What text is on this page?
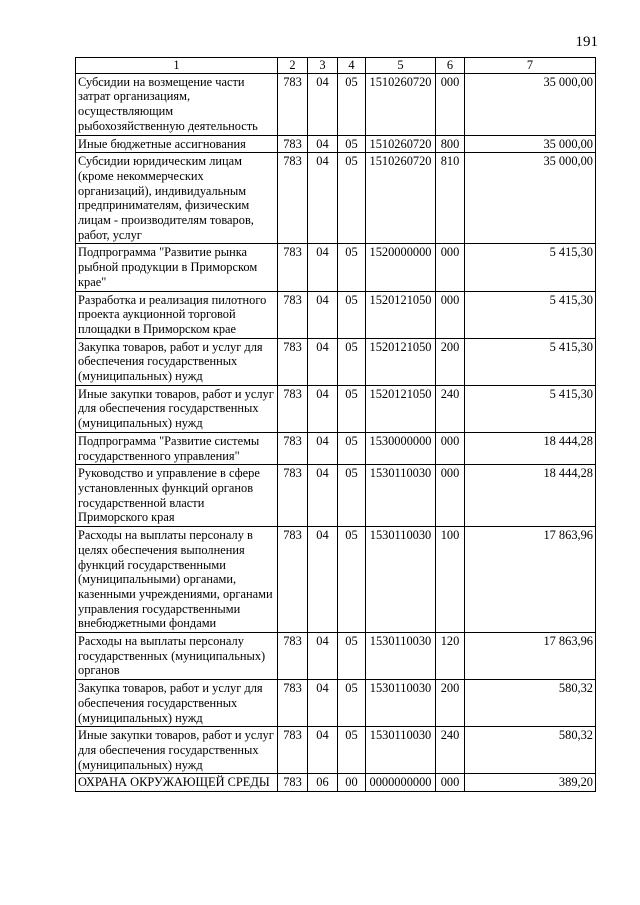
191
1	2	3	4	5	6	7
Субсидии на возмещение части затрат организациям, осуществляющим рыбохозяйственную деятельность	783	04	05	1510260720	000	35 000,00
Иные бюджетные ассигнования	783	04	05	1510260720	800	35 000,00
Субсидии юридическим лицам (кроме некоммерческих организаций), индивидуальным предпринимателям, физическим лицам - производителям товаров, работ, услуг	783	04	05	1510260720	810	35 000,00
Подпрограмма "Развитие рынка рыбной продукции в Приморском крае"	783	04	05	1520000000	000	5 415,30
Разработка и реализация пилотного проекта аукционной торговой площадки в Приморском крае	783	04	05	1520121050	000	5 415,30
Закупка товаров, работ и услуг для обеспечения государственных (муниципальных) нужд	783	04	05	1520121050	200	5 415,30
Иные закупки товаров, работ и услуг для обеспечения государственных (муниципальных) нужд	783	04	05	1520121050	240	5 415,30
Подпрограмма "Развитие системы государственного управления"	783	04	05	1530000000	000	18 444,28
Руководство и управление в сфере установленных функций органов государственной власти Приморского края	783	04	05	1530110030	000	18 444,28
Расходы на выплаты персоналу в целях обеспечения выполнения функций государственными (муниципальными) органами, казенными учреждениями, органами управления государственными внебюджетными фондами	783	04	05	1530110030	100	17 863,96
Расходы на выплаты персоналу государственных (муниципальных) органов	783	04	05	1530110030	120	17 863,96
Закупка товаров, работ и услуг для обеспечения государственных (муниципальных) нужд	783	04	05	1530110030	200	580,32
Иные закупки товаров, работ и услуг для обеспечения государственных (муниципальных) нужд	783	04	05	1530110030	240	580,32
ОХРАНА ОКРУЖАЮЩЕЙ СРЕДЫ	783	06	00	0000000000	000	389,20
